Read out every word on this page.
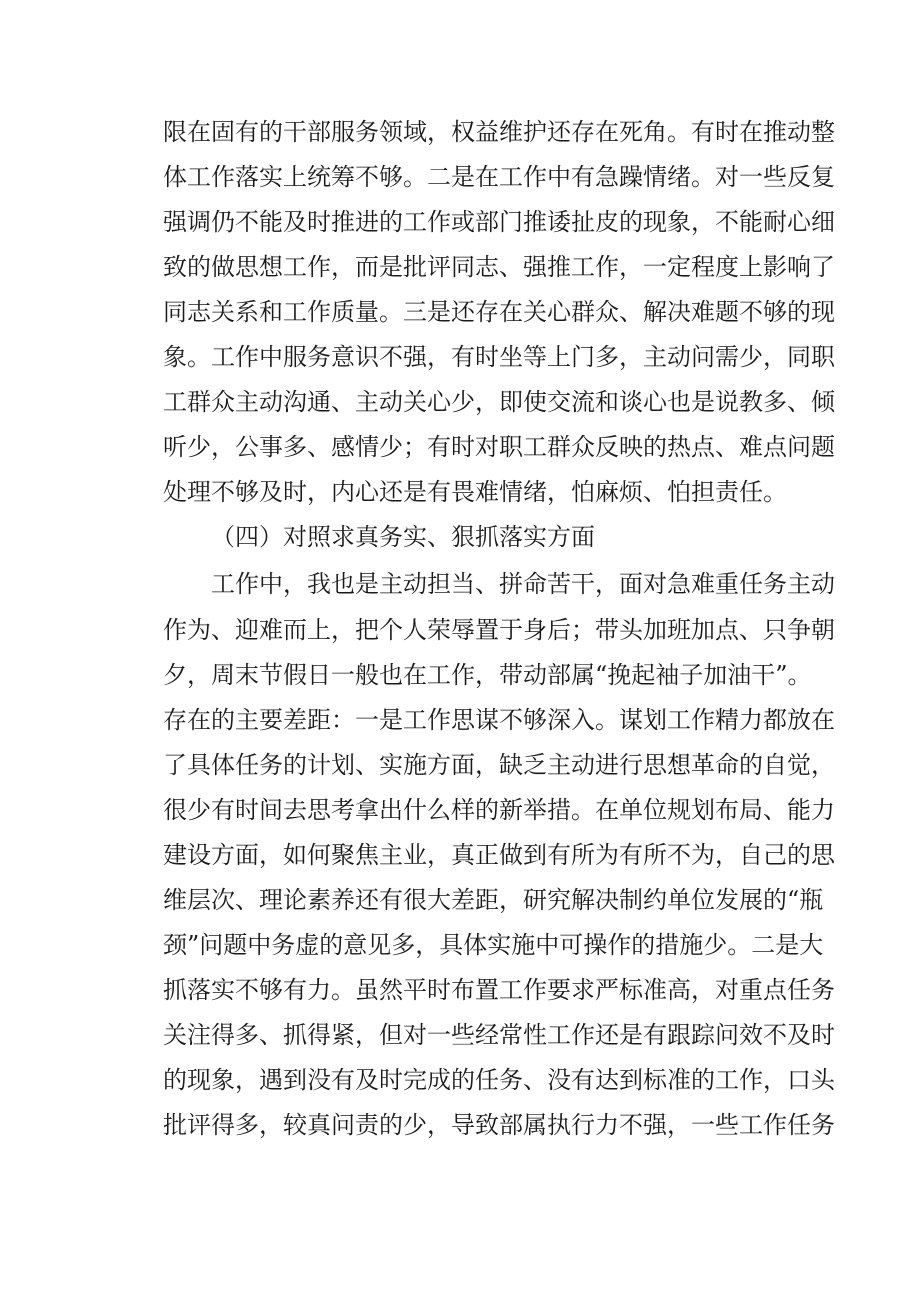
限在固有的干部服务领域，权益维护还存在死角。有时在推动整
体工作落实上统筹不够。二是在工作中有急躁情绪。对一些反复
强调仍不能及时推进的工作或部门推诿扯皮的现象，不能耐心细
致的做思想工作，而是批评同志、强推工作，一定程度上影响了
同志关系和工作质量。三是还存在关心群众、解决难题不够的现
象。工作中服务意识不强，有时坐等上门多，主动问需少，同职
工群众主动沟通、主动关心少，即使交流和谈心也是说教多、倾
听少，公事多、感情少；有时对职工群众反映的热点、难点问题
处理不够及时，内心还是有畏难情绪，怕麻烦、怕担责任。
（四）对照求真务实、狠抓落实方面
工作中，我也是主动担当、拼命苦干，面对急难重任务主动
作为、迎难而上，把个人荣辱置于身后；带头加班加点、只争朝
夕，周末节假日一般也在工作，带动部属“挽起袖子加油干”。
存在的主要差距：一是工作思谋不够深入。谋划工作精力都放在
了具体任务的计划、实施方面，缺乏主动进行思想革命的自觉，
很少有时间去思考拿出什么样的新举措。在单位规划布局、能力
建设方面，如何聚焦主业，真正做到有所为有所不为，自己的思
维层次、理论素养还有很大差距，研究解决制约单位发展的“瓶
颈”问题中务虚的意见多，具体实施中可操作的措施少。二是大
抓落实不够有力。虽然平时布置工作要求严标准高，对重点任务
关注得多、抓得紧，但对一些经常性工作还是有跟踪问效不及时
的现象，遇到没有及时完成的任务、没有达到标准的工作，口头
批评得多，较真问责的少，导致部属执行力不强，一些工作任务
